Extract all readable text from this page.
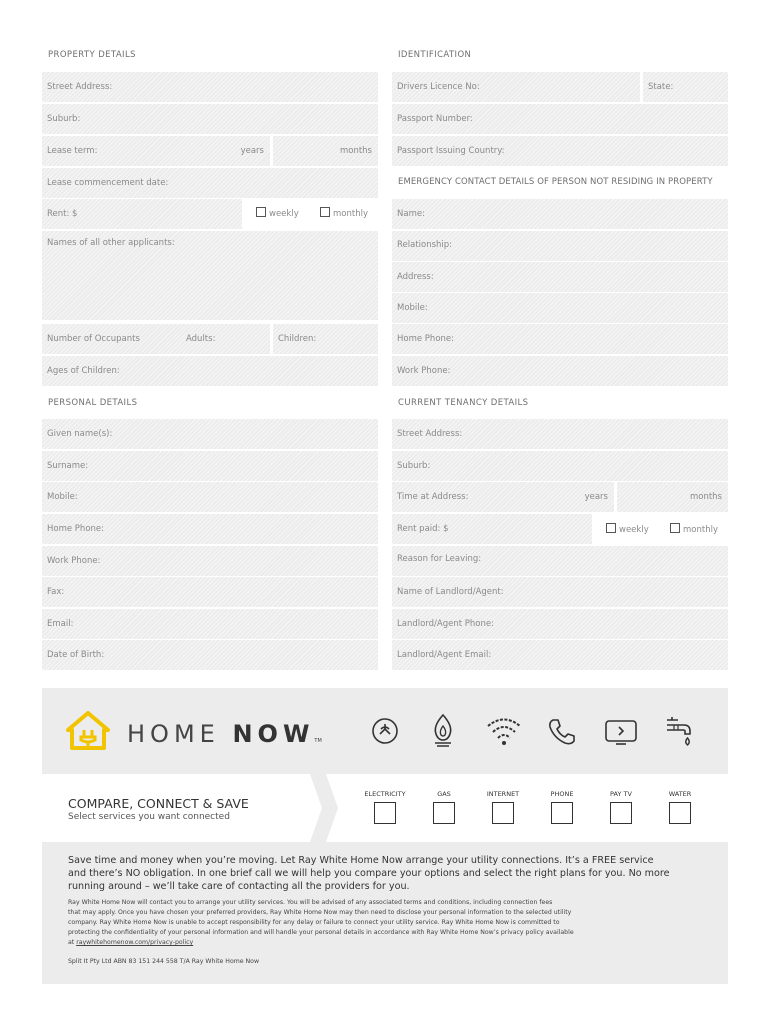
PROPERTY DETAILS
Street Address:
Suburb:
Lease term:	years	months
Lease commencement date:
Rent: $	weekly	monthly
Names of all other applicants:
Number of Occupants	Adults:	Children:
Ages of Children:
PERSONAL DETAILS
Given name(s):
Surname:
Mobile:
Home Phone:
Work Phone:
Fax:
Email:
Date of Birth:
IDENTIFICATION
Drivers Licence No:	State:
Passport Number:
Passport Issuing Country:
EMERGENCY CONTACT DETAILS OF PERSON NOT RESIDING IN PROPERTY
Name:
Relationship:
Address:
Mobile:
Home Phone:
Work Phone:
CURRENT TENANCY DETAILS
Street Address:
Suburb:
Time at Address:	years	months
Rent paid: $	weekly	monthly
Reason for Leaving:
Name of Landlord/Agent:
Landlord/Agent Phone:
Landlord/Agent Email:
HOME NOWTM
COMPARE, CONNECT & SAVE
Select services you want connected
ELECTRICITY	GAS	INTERNET	PHONE	PAY TV	WATER
Save time and money when you’re moving. Let Ray White Home Now arrange your utility connections. It’s a FREE service
and there’s NO obligation. In one brief call we will help you compare your options and select the right plans for you. No more
running around – we’ll take care of contacting all the providers for you.
Ray White Home Now will contact you to arrange your utility services. You will be advised of any associated terms and conditions, including connection fees
that may apply. Once you have chosen your preferred providers, Ray White Home Now may then need to disclose your personal information to the selected utility
company. Ray White Home Now is unable to accept responsibility for any delay or failure to connect your utility service. Ray White Home Now is committed to
protecting the confidentiality of your personal information and will handle your personal details in accordance with Ray White Home Now’s privacy policy available
at raywhitehomenow.com/privacy-policy
Split It Pty Ltd ABN 83 151 244 558 T/A Ray White Home Now
